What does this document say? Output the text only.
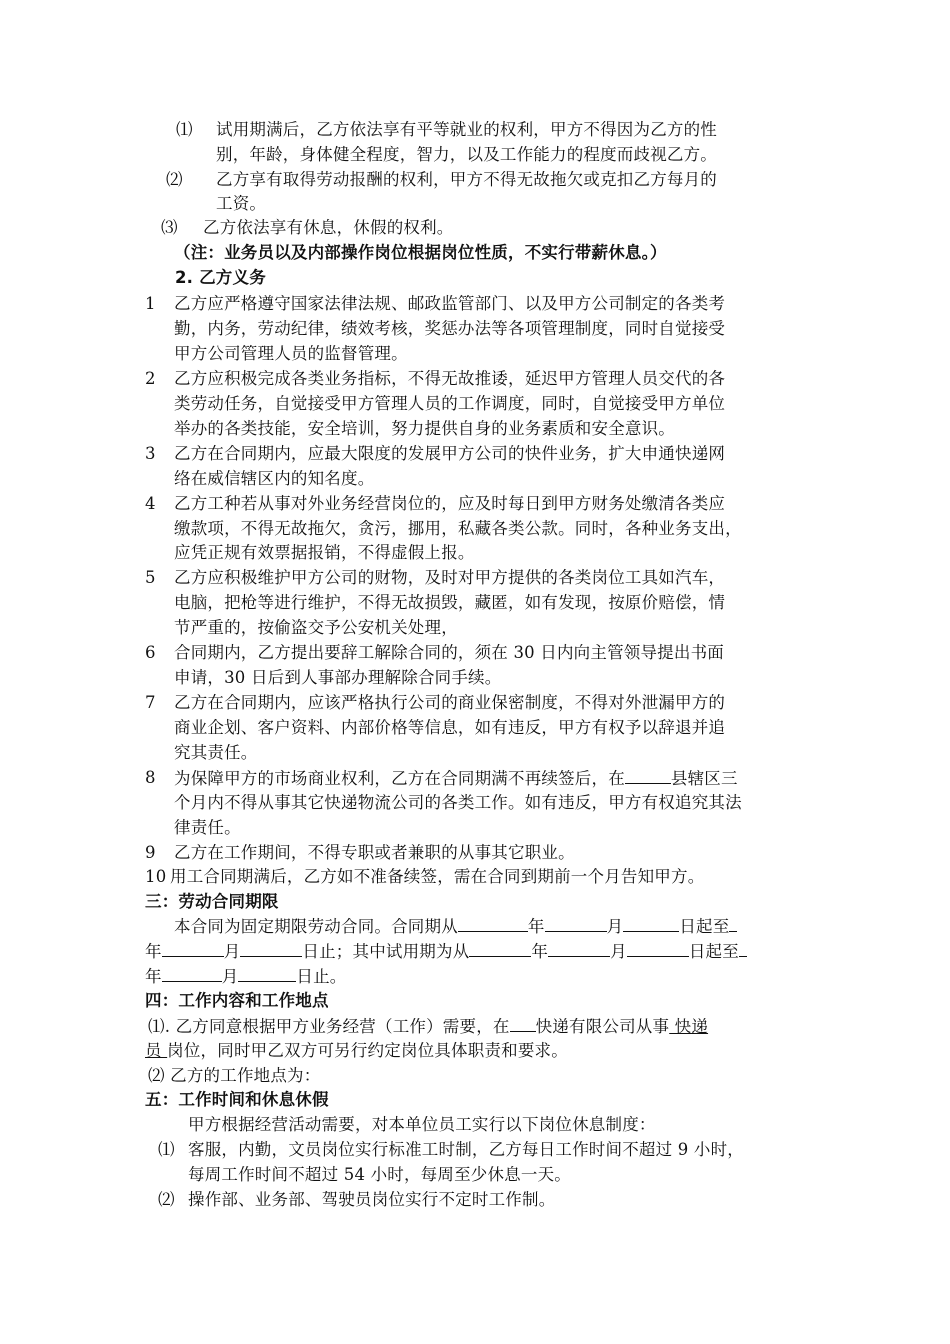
⑴ 试用期满后，乙方依法享有平等就业的权利，甲方不得因为乙方的性
别，年龄，身体健全程度，智力，以及工作能力的程度而歧视乙方。
⑵ 乙方享有取得劳动报酬的权利，甲方不得无故拖欠或克扣乙方每月的
工资。
⑶ 乙方依法享有休息，休假的权利。
（注：业务员以及内部操作岗位根据岗位性质，不实行带薪休息。）
2. 乙方义务
1 乙方应严格遵守国家法律法规、邮政监管部门、以及甲方公司制定的各类考
勤，内务，劳动纪律，绩效考核，奖惩办法等各项管理制度，同时自觉接受
甲方公司管理人员的监督管理。
2 乙方应积极完成各类业务指标，不得无故推诿，延迟甲方管理人员交代的各
类劳动任务，自觉接受甲方管理人员的工作调度，同时，自觉接受甲方单位
举办的各类技能，安全培训，努力提供自身的业务素质和安全意识。
3 乙方在合同期内，应最大限度的发展甲方公司的快件业务，扩大申通快递网
络在威信辖区内的知名度。
4 乙方工种若从事对外业务经营岗位的，应及时每日到甲方财务处缴清各类应
缴款项，不得无故拖欠，贪污，挪用，私藏各类公款。同时，各种业务支出，
应凭正规有效票据报销，不得虚假上报。
5 乙方应积极维护甲方公司的财物，及时对甲方提供的各类岗位工具如汽车，
电脑，把枪等进行维护，不得无故损毁，藏匿，如有发现，按原价赔偿，情
节严重的，按偷盗交予公安机关处理，
6 合同期内，乙方提出要辞工解除合同的，须在 30 日内向主管领导提出书面
申请，30 日后到人事部办理解除合同手续。
7 乙方在合同期内，应该严格执行公司的商业保密制度，不得对外泄漏甲方的
商业企划、客户资料、内部价格等信息，如有违反，甲方有权予以辞退并追
究其责任。
8 为保障甲方的市场商业权利，乙方在合同期满不再续签后，在	县辖区三
个月内不得从事其它快递物流公司的各类工作。如有违反，甲方有权追究其法
律责任。
9 乙方在工作期间，不得专职或者兼职的从事其它职业。
10 用工合同期满后，乙方如不准备续签，需在合同到期前一个月告知甲方。
三：劳动合同期限
本合同为固定期限劳动合同。合同期从	年	月	日起至
年	月	日止；其中试用期为从	年	月	日起至
年	月	日止。
四：工作内容和工作地点
⑴. 乙方同意根据甲方业务经营（工作）需要，在 快递有限公司从事 快递
员 岗位，同时甲乙双方可另行约定岗位具体职责和要求。
⑵ 乙方的工作地点为：
五：工作时间和休息休假
甲方根据经营活动需要，对本单位员工实行以下岗位休息制度：
⑴ 客服，内勤，文员岗位实行标准工时制，乙方每日工作时间不超过 9 小时，
每周工作时间不超过 54 小时，每周至少休息一天。
⑵ 操作部、业务部、驾驶员岗位实行不定时工作制。
